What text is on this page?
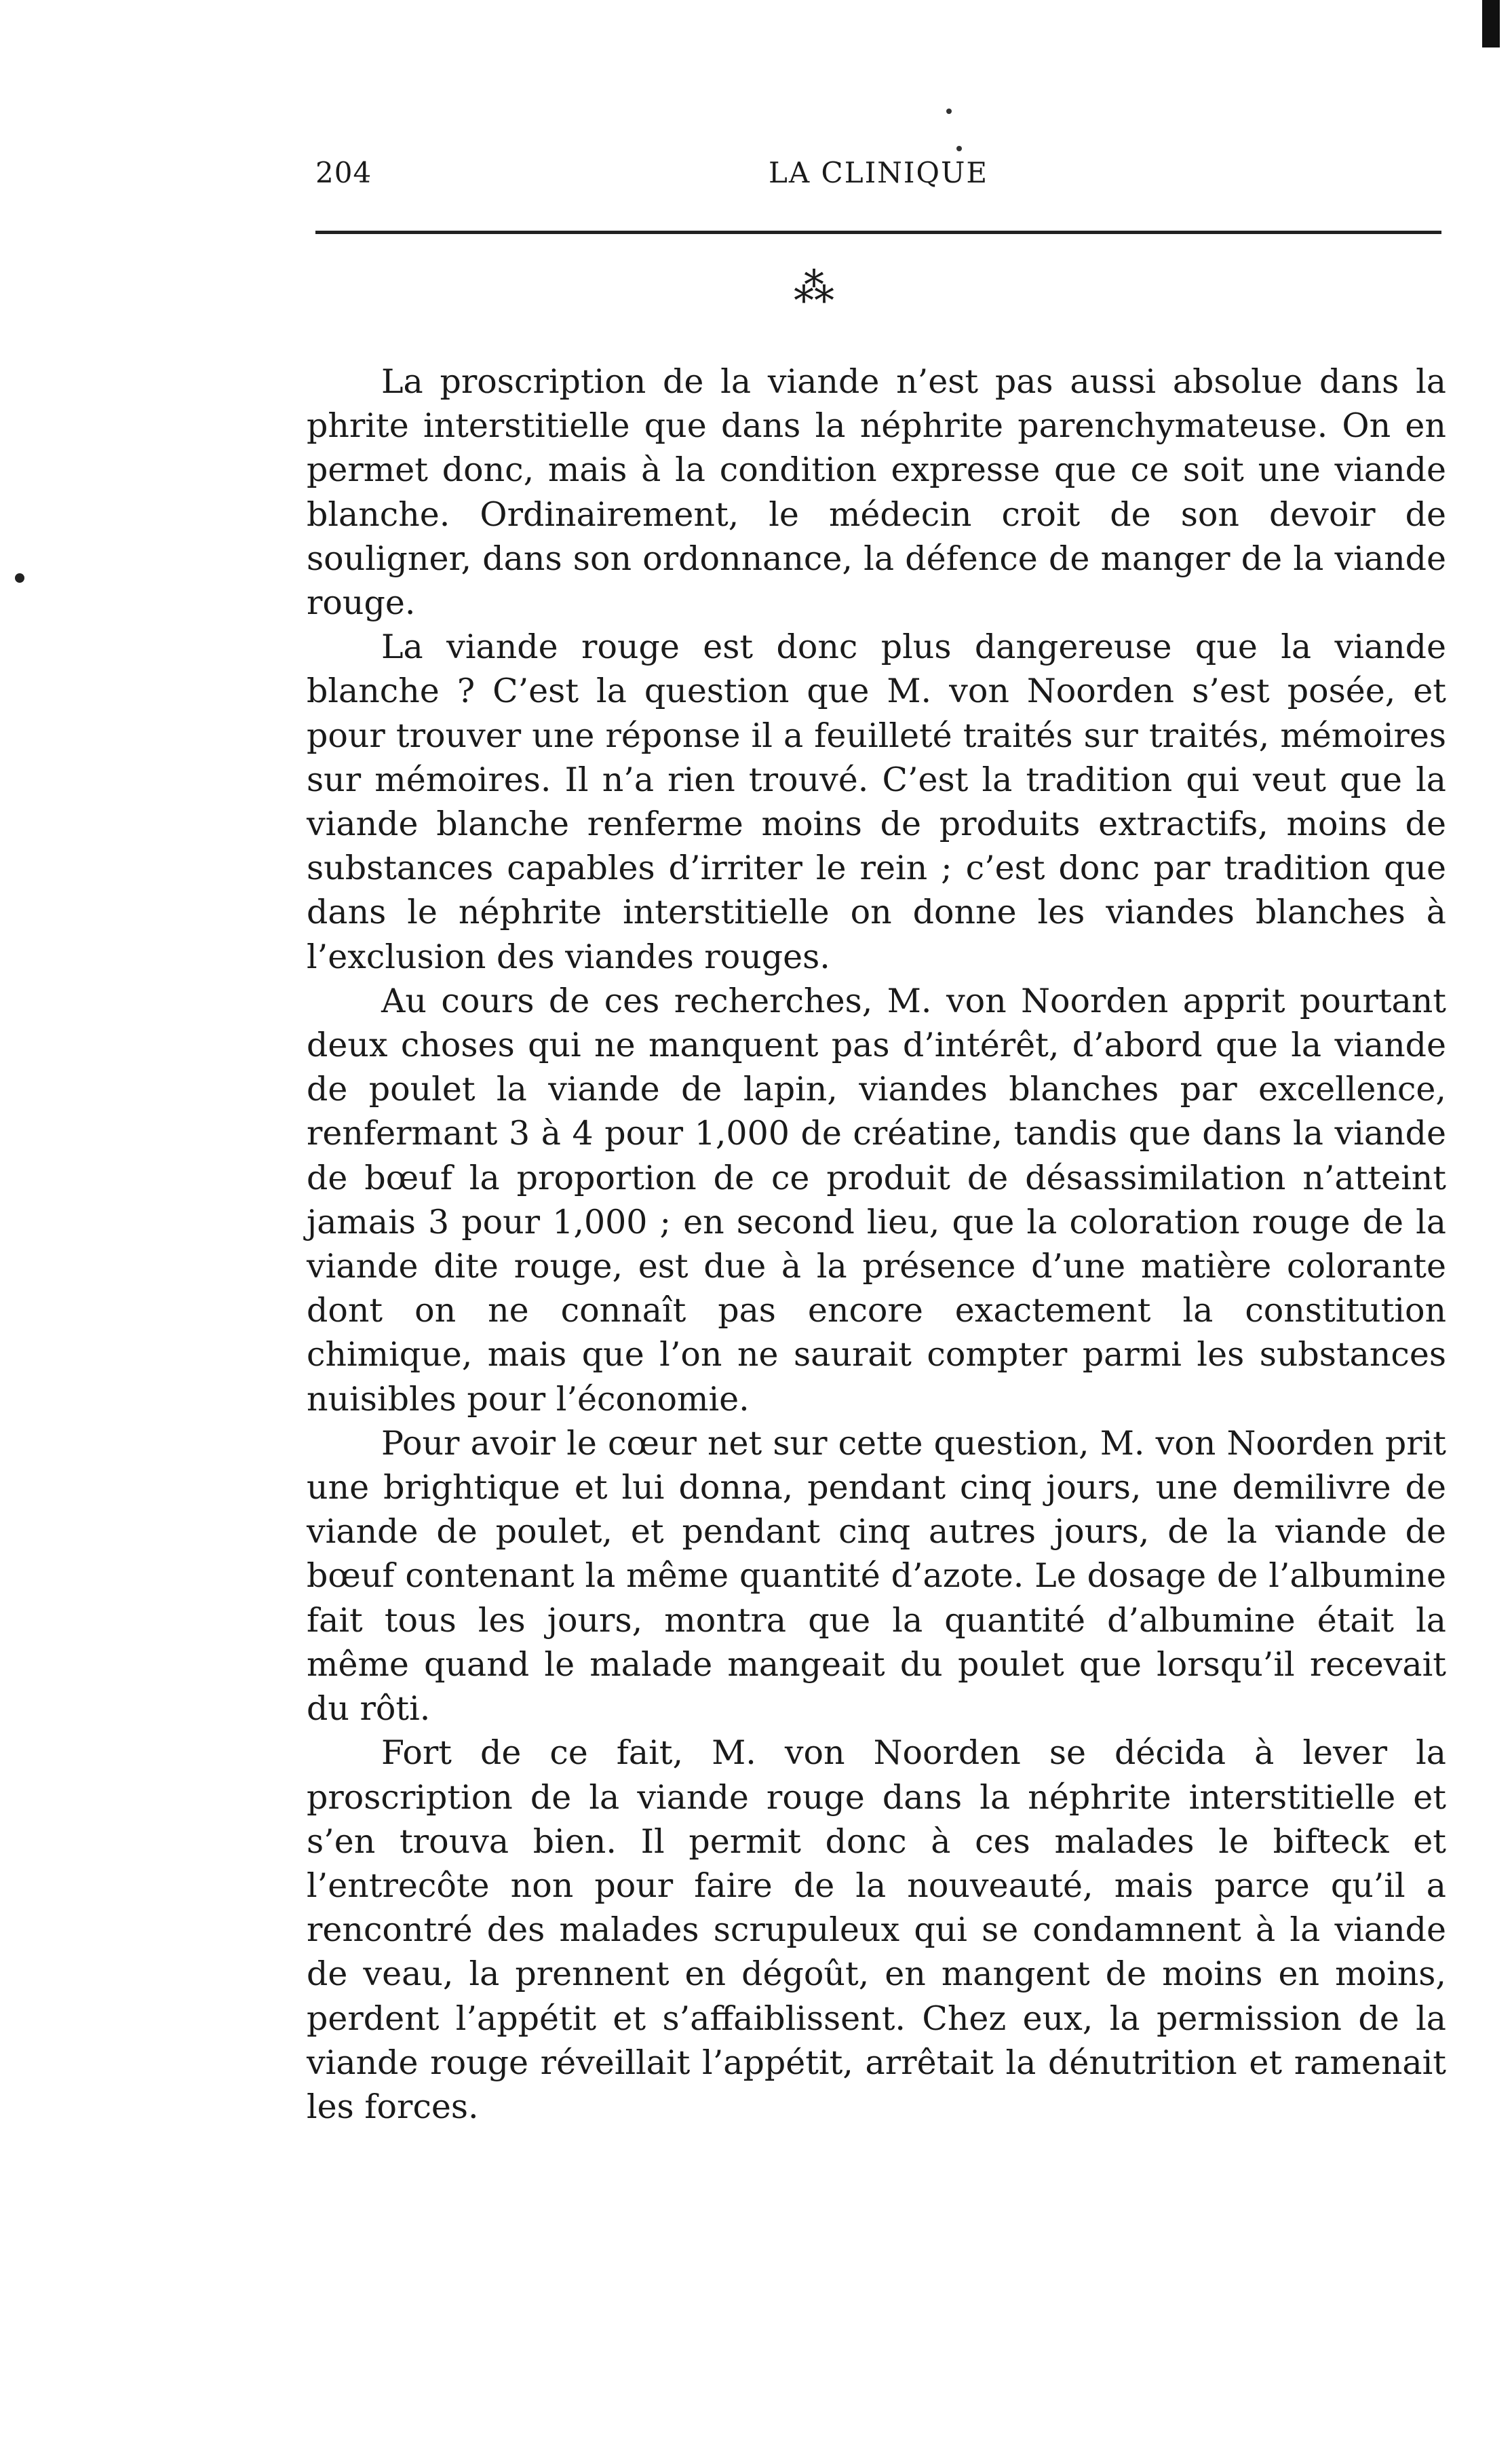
204	LA CLINIQUE
⁂

La proscription de la viande n’est pas aussi absolue dans la phrite interstitielle que dans la néphrite parenchymateuse. On en permet donc, mais à la condition expresse que ce soit une viande blanche. Ordinairement, le médecin croit de son devoir de souligner, dans son ordonnance, la défence de manger de la viande rouge.

La viande rouge est donc plus dangereuse que la viande blanche ? C’est la question que M. von Noorden s’est posée, et pour trouver une réponse il a feuilleté traités sur traités, mémoires sur mémoires. Il n’a rien trouvé. C’est la tradition qui veut que la viande blanche renferme moins de produits extractifs, moins de substances capables d’irriter le rein ; c’est donc par tradition que dans le néphrite interstitielle on donne les viandes blanches à l’exclusion des viandes rouges.

Au cours de ces recherches, M. von Noorden apprit pourtant deux choses qui ne manquent pas d’intérêt, d’abord que la viande de poulet la viande de lapin, viandes blanches par excellence, renfermant 3 à 4 pour 1,000 de créatine, tandis que dans la viande de bœuf la proportion de ce produit de désassimilation n’atteint jamais 3 pour 1,000 ; en second lieu, que la coloration rouge de la viande dite rouge, est due à la présence d’une matière colorante dont on ne connaît pas encore exactement la constitution chimique, mais que l’on ne saurait compter parmi les substances nuisibles pour l’économie.

Pour avoir le cœur net sur cette question, M. von Noorden prit une brightique et lui donna, pendant cinq jours, une demilivre de viande de poulet, et pendant cinq autres jours, de la viande de bœuf contenant la même quantité d’azote. Le dosage de l’albumine fait tous les jours, montra que la quantité d’albumine était la même quand le malade mangeait du poulet que lorsqu’il recevait du rôti.

Fort de ce fait, M. von Noorden se décida à lever la proscription de la viande rouge dans la néphrite interstitielle et s’en trouva bien. Il permit donc à ces malades le bifteck et l’entrecôte non pour faire de la nouveauté, mais parce qu’il a rencontré des malades scrupuleux qui se condamnent à la viande de veau, la prennent en dégoût, en mangent de moins en moins, perdent l’appétit et s’affaiblissent. Chez eux, la permission de la viande rouge réveillait l’appétit, arrêtait la dénutrition et ramenait les forces.
